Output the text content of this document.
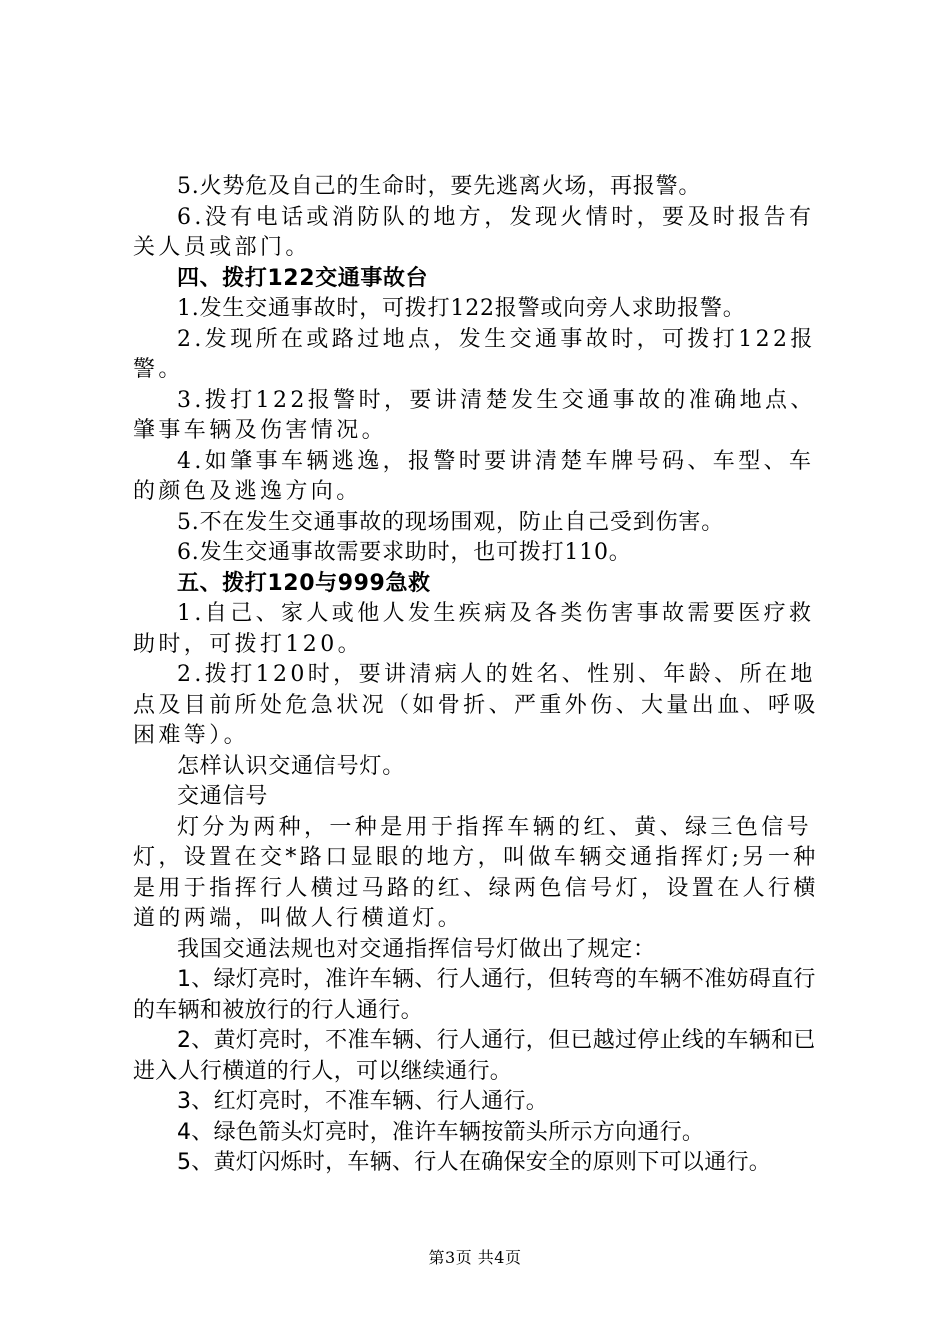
5.火势危及自己的生命时，要先逃离火场，再报警。

6.没有电话或消防队的地方，发现火情时，要及时报告有关人员或部门。

四、拨打122交通事故台

1.发生交通事故时，可拨打122报警或向旁人求助报警。

2.发现所在或路过地点，发生交通事故时，可拨打122报警。

3.拨打122报警时，要讲清楚发生交通事故的准确地点、肇事车辆及伤害情况。

4.如肇事车辆逃逸，报警时要讲清楚车牌号码、车型、车的颜色及逃逸方向。

5.不在发生交通事故的现场围观，防止自己受到伤害。

6.发生交通事故需要求助时，也可拨打110。

五、拨打120与999急救

1.自己、家人或他人发生疾病及各类伤害事故需要医疗救助时，可拨打120。

2.拨打120时，要讲清病人的姓名、性别、年龄、所在地点及目前所处危急状况（如骨折、严重外伤、大量出血、呼吸困难等）。

怎样认识交通信号灯。

交通信号

灯分为两种，一种是用于指挥车辆的红、黄、绿三色信号灯，设置在交*路口显眼的地方，叫做车辆交通指挥灯;另一种是用于指挥行人横过马路的红、绿两色信号灯，设置在人行横道的两端，叫做人行横道灯。

我国交通法规也对交通指挥信号灯做出了规定：

1、绿灯亮时，准许车辆、行人通行，但转弯的车辆不准妨碍直行的车辆和被放行的行人通行。

2、黄灯亮时，不准车辆、行人通行，但已越过停止线的车辆和已进入人行横道的行人，可以继续通行。

3、红灯亮时，不准车辆、行人通行。

4、绿色箭头灯亮时，准许车辆按箭头所示方向通行。

5、黄灯闪烁时，车辆、行人在确保安全的原则下可以通行。

第3页 共4页
